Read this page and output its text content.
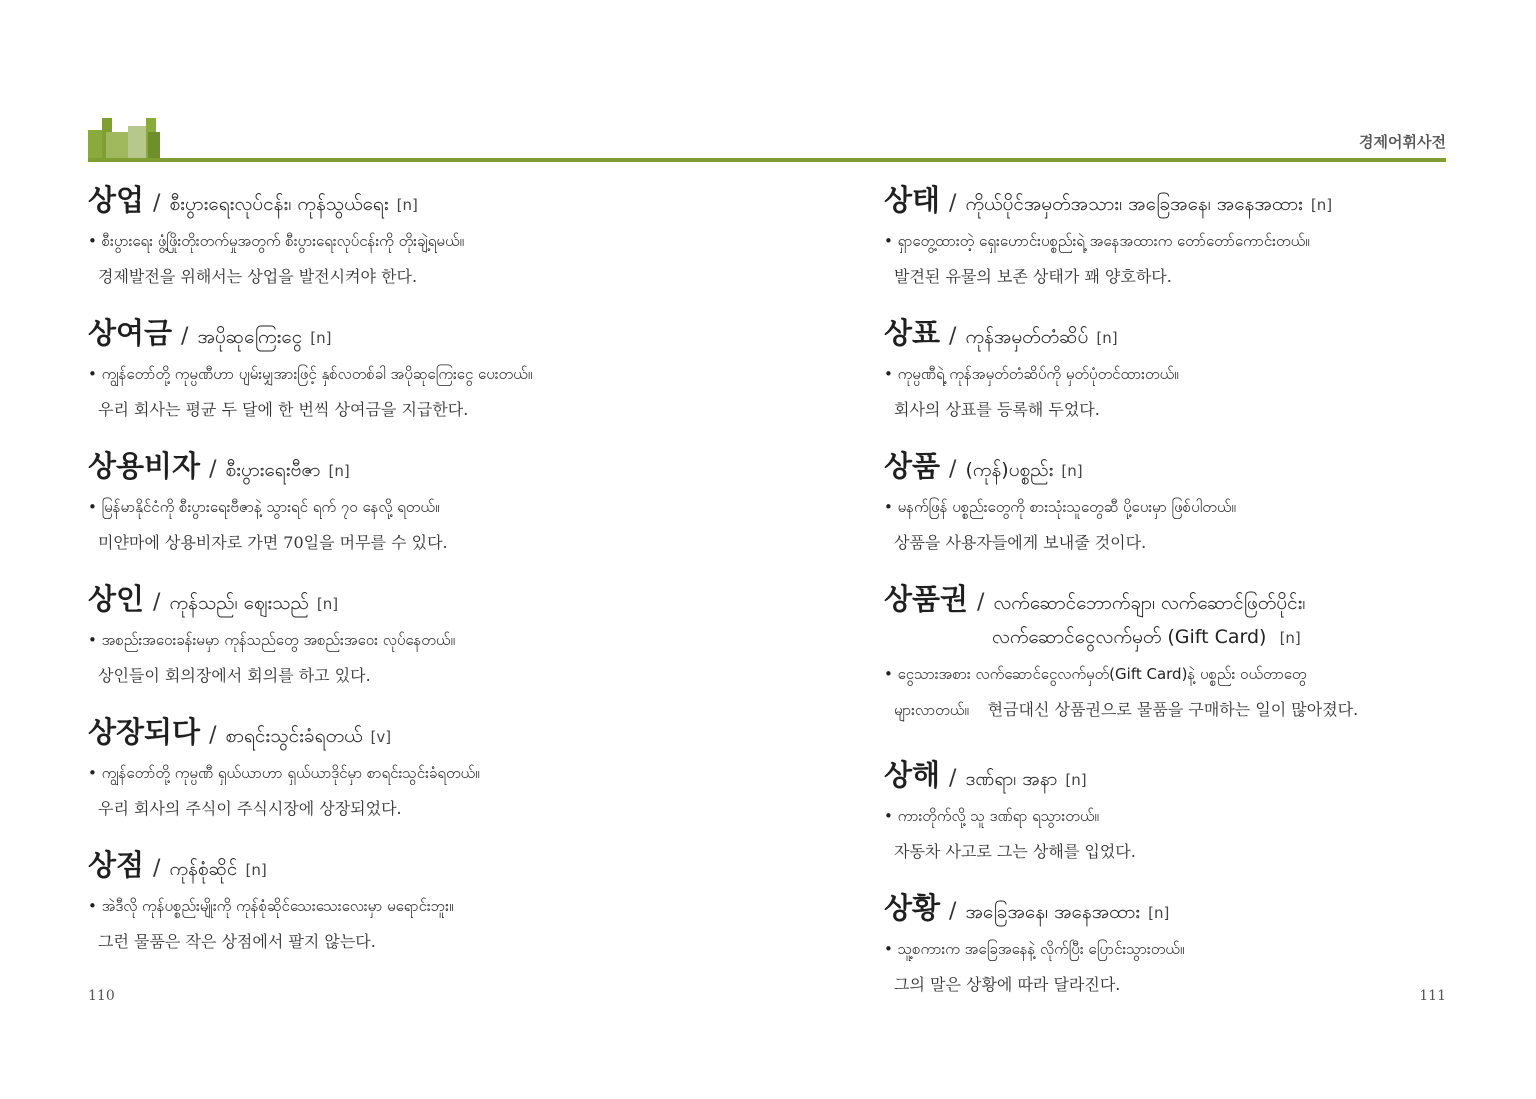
경제어휘사전
상업 / စီးပွားရေးလုပ်ငန်း၊ ကုန်သွယ်ရေး [n]
• စီးပွားရေး ဖွံ့ဖြိုးတိုးတက်မှုအတွက် စီးပွားရေးလုပ်ငန်းကို တိုးချဲ့ရမယ်။
경제발전을 위해서는 상업을 발전시켜야 한다.
상여금 / အပိုဆုကြေးငွေ [n]
• ကျွန်တော်တို့ ကုမ္ပဏီဟာ ပျမ်းမျှအားဖြင့် နှစ်လတစ်ခါ အပိုဆုကြေးငွေ ပေးတယ်။
우리 회사는 평균 두 달에 한 번씩 상여금을 지급한다.
상용비자 / စီးပွားရေးဗီဇာ [n]
• မြန်မာနိုင်ငံကို စီးပွားရေးဗီဇာနဲ့ သွားရင် ရက် ၇၀ နေလို့ ရတယ်။
미얀마에 상용비자로 가면 70일을 머무를 수 있다.
상인 / ကုန်သည်၊ ဈေးသည် [n]
• အစည်းအဝေးခန်းမမှာ ကုန်သည်တွေ အစည်းအဝေး လုပ်နေတယ်။
상인들이 회의장에서 회의를 하고 있다.
상장되다 / စာရင်းသွင်းခံရတယ် [v]
• ကျွန်တော်တို့ ကုမ္ပဏီ ရှယ်ယာဟာ ရှယ်ယာဒိုင်မှာ စာရင်းသွင်းခံရတယ်။
우리 회사의 주식이 주식시장에 상장되었다.
상점 / ကုန်စုံဆိုင် [n]
• အဲဒီလို ကုန်ပစ္စည်းမျိုးကို ကုန်စုံဆိုင်သေးသေးလေးမှာ မရောင်းဘူး။
그런 물품은 작은 상점에서 팔지 않는다.
상태 / ကိုယ်ပိုင်အမှတ်အသား၊ အခြေအနေ၊ အနေအထား [n]
• ရှာတွေ့ထားတဲ့ ရှေးဟောင်းပစ္စည်းရဲ့ အနေအထားက တော်တော်ကောင်းတယ်။
발견된 유물의 보존 상태가 꽤 양호하다.
상표 / ကုန်အမှတ်တံဆိပ် [n]
• ကုမ္ပဏီရဲ့ ကုန်အမှတ်တံဆိပ်ကို မှတ်ပုံတင်ထားတယ်။
회사의 상표를 등록해 두었다.
상품 / (ကုန်)ပစ္စည်း [n]
• မနက်ဖြန် ပစ္စည်းတွေကို စားသုံးသူတွေဆီ ပို့ပေးမှာ ဖြစ်ပါတယ်။
상품을 사용자들에게 보내줄 것이다.
상품권 / လက်ဆောင်ဘောက်ချာ၊ လက်ဆောင်ဖြတ်ပိုင်း၊
လက်ဆောင်ငွေလက်မှတ် (Gift Card) [n]
• ငွေသားအစား လက်ဆောင်ငွေလက်မှတ်(Gift Card)နဲ့ ပစ္စည်း ဝယ်တာတွေ
များလာတယ်။ 현금대신 상품권으로 물품을 구매하는 일이 많아졌다.
상해 / ဒဏ်ရာ၊ အနာ [n]
• ကားတိုက်လို့ သူ ဒဏ်ရာ ရသွားတယ်။
자동차 사고로 그는 상해를 입었다.
상황 / အခြေအနေ၊ အနေအထား [n]
• သူ့စကားက အခြေအနေနဲ့ လိုက်ပြီး ပြောင်းသွားတယ်။
그의 말은 상황에 따라 달라진다.
110	111
